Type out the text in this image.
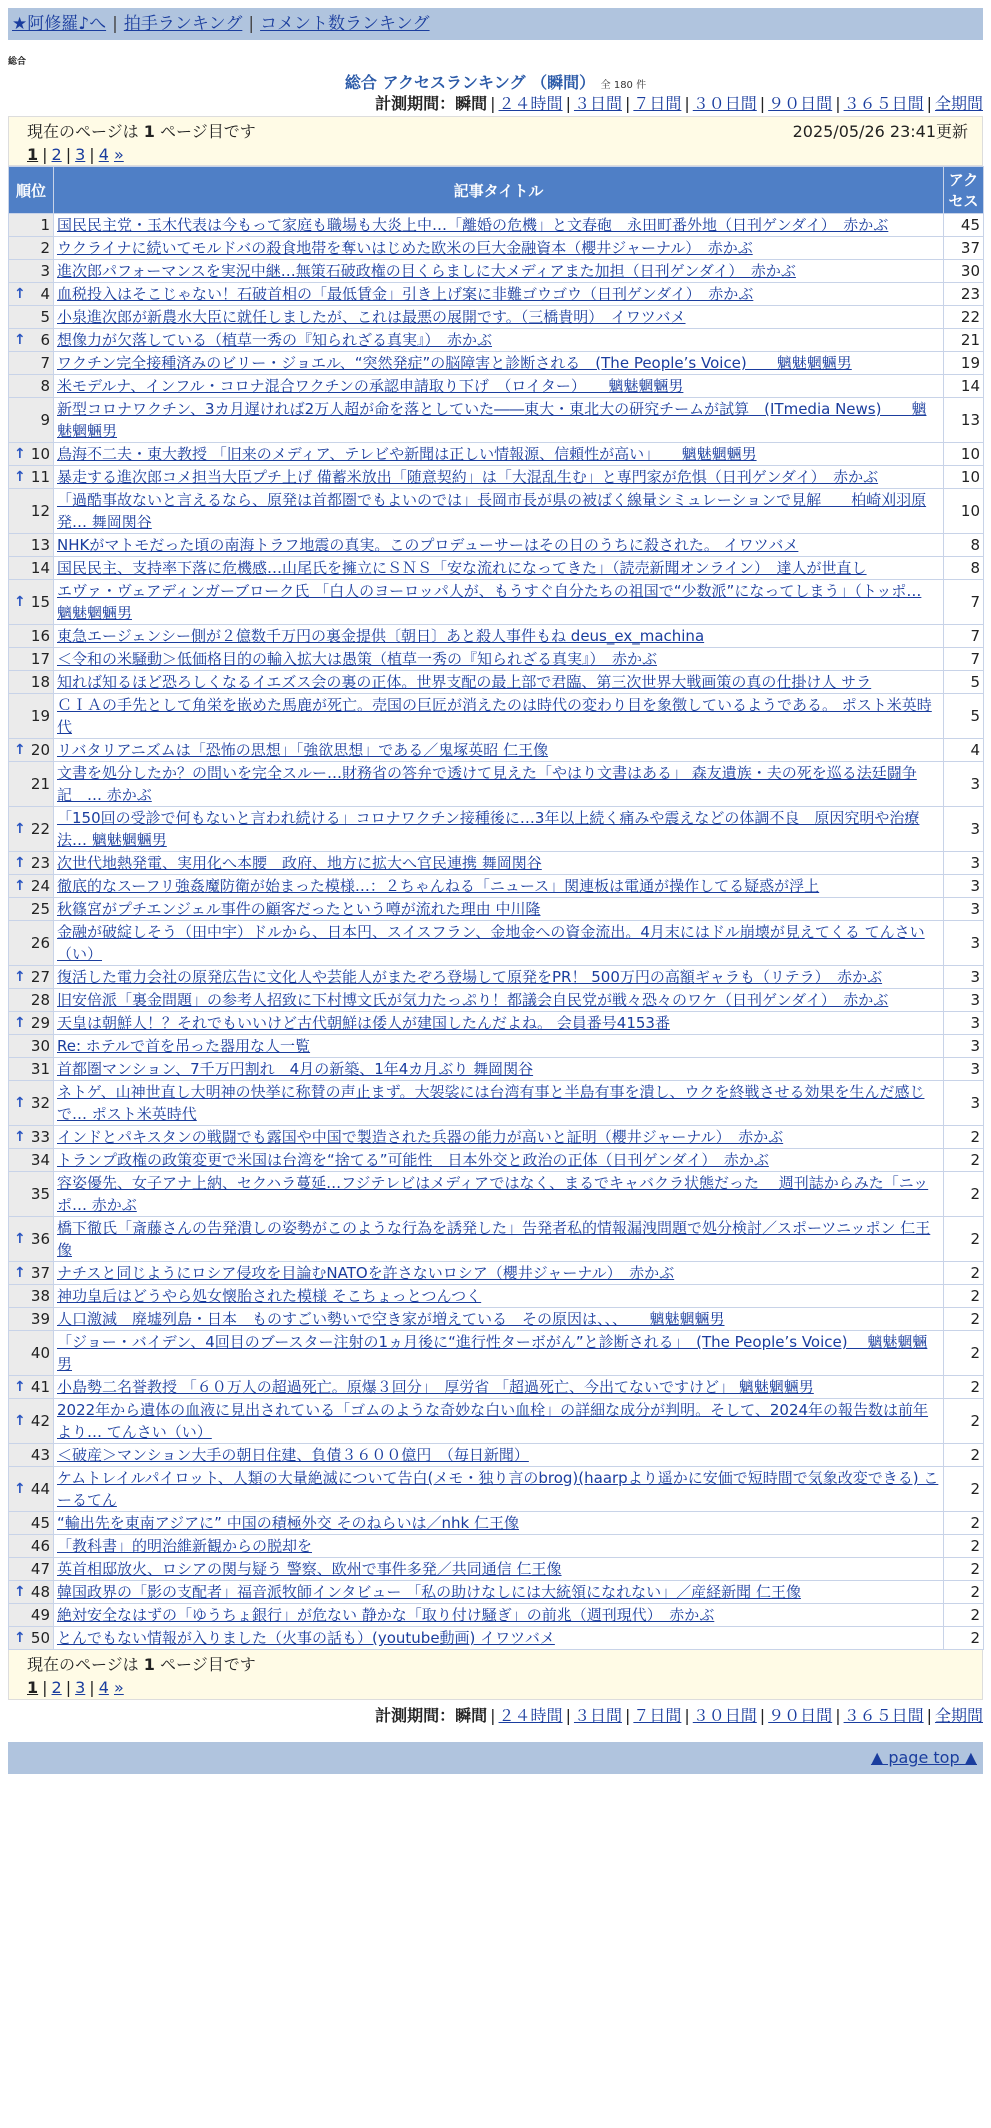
★阿修羅♪へ | 拍手ランキング | コメント数ランキング
総合
総合 アクセスランキング （瞬間） 全 180 件
計測期間：瞬間 | ２４時間 | ３日間 | ７日間 | ３０日間 | ９０日間 | ３６５日間 | 全期間
現在のページは 1 ページ目です	2025/05/26 23:41更新
1 | 2 | 3 | 4 »
順位	記事タイトル	アクセス
1	国民民主党・玉木代表は今もって家庭も職場も大炎上中…「離婚の危機」と文春砲　永田町番外地（日刊ゲンダイ）　赤かぶ	45
2	ウクライナに続いてモルドバの殺食地帯を奪いはじめた欧米の巨大金融資本（櫻井ジャーナル）　赤かぶ	37
3	進次郎パフォーマンスを実況中継…無策石破政権の目くらましに大メディアまた加担（日刊ゲンダイ）　赤かぶ	30

↑ 4	血税投入はそこじゃない！石破首相の「最低賃金」引き上げ案に非難ゴウゴウ（日刊ゲンダイ）　赤かぶ	23
5	小泉進次郎が新農水大臣に就任しましたが、これは最悪の展開です。（三橋貴明）　イワツバメ	22

↑ 6	想像力が欠落している（植草一秀の『知られざる真実』）　赤かぶ	21
7	ワクチン完全接種済みのビリー・ジョエル、“突然発症”の脳障害と診断される　(The People’s Voice)　　魑魅魍魎男	19
8	米モデルナ、インフル・コロナ混合ワクチンの承認申請取り下げ　（ロイター）　　魑魅魍魎男	14
9	新型コロナワクチン、3カ月遅ければ2万人超が命を落としていた――東大・東北大の研究チームが試算　(ITmedia News)　　魑魅魍魎男	13

↑ 10	鳥海不二夫・東大教授 「旧来のメディア、テレビや新聞は正しい情報源、信頼性が高い」　　魑魅魍魎男	10

↑ 11	暴走する進次郎コメ担当大臣プチ上げ 備蓄米放出「随意契約」は「大混乱生む」と専門家が危惧（日刊ゲンダイ）　赤かぶ	10
12	「過酷事故ないと言えるなら、原発は首都圏でもよいのでは」長岡市長が県の被ばく線量シミュレーションで見解　　柏崎刈羽原発… 舞岡関谷	10
13	NHKがマトモだった頃の南海トラフ地震の真実。このプロデューサーはその日のうちに殺された。 イワツバメ	8
14	国民民主、支持率下落に危機感…山尾氏を擁立にＳＮＳ「安な流れになってきた」（読売新聞オンライン）　達人が世直し	8

↑ 15	エヴァ・ヴェアディンガーブローク氏 「白人のヨーロッパ人が、もうすぐ自分たちの祖国で“少数派”になってしまう」（トッポ… 魑魅魍魎男	7
16	東急エージェンシー側が２億数千万円の裏金提供〔朝日〕あと殺人事件もね deus_ex_machina	7
17	＜令和の米騒動＞低価格目的の輸入拡大は愚策（植草一秀の『知られざる真実』）　赤かぶ	7
18	知れば知るほど恐ろしくなるイエズス会の裏の正体。世界支配の最上部で君臨、第三次世界大戦画策の真の仕掛け人 サラ	5
19	ＣＩＡの手先として角栄を嵌めた馬鹿が死亡。売国の巨匠が消えたのは時代の変わり目を象徴しているようである。 ポスト米英時代	5

↑ 20	リバタリアニズムは「恐怖の思想」「強欲思想」である／鬼塚英昭 仁王像	4
21	文書を処分したか？の問いを完全スルー…財務省の答弁で透けて見えた「やはり文書はある」 森友遺族・夫の死を巡る法廷闘争記　… 赤かぶ	3

↑ 22	「150回の受診で何もないと言われ続ける」コロナワクチン接種後に…3年以上続く痛みや震えなどの体調不良　原因究明や治療法… 魑魅魍魎男	3

↑ 23	次世代地熱発電、実用化へ本腰　政府、地方に拡大へ官民連携 舞岡関谷	3

↑ 24	徹底的なスーフリ強姦魔防衛が始まった模様…：２ちゃんねる「ニュース」関連板は電通が操作してる疑惑が浮上	3
25	秋篠宮がプチエンジェル事件の顧客だったという噂が流れた理由 中川隆	3
26	金融が破綻しそう（田中宇）ドルから、日本円、スイスフラン、金地金への資金流出。4月末にはドル崩壊が見えてくる てんさい（い）	3

↑ 27	復活した電力会社の原発広告に文化人や芸能人がまたぞろ登場して原発をPR！ 500万円の高額ギャラも（リテラ）　赤かぶ	3
28	旧安倍派「裏金問題」の参考人招致に下村博文氏が気力たっぷり！都議会自民党が戦々恐々のワケ（日刊ゲンダイ）　赤かぶ	3

↑ 29	天皇は朝鮮人！？それでもいいけど古代朝鮮は倭人が建国したんだよね。 会員番号4153番	3
30	Re: ホテルで首を吊った器用な人一覧	3
31	首都圏マンション、7千万円割れ　4月の新築、1年4カ月ぶり 舞岡関谷	3

↑ 32	ネトゲ、山神世直し大明神の快挙に称賛の声止まず。大袈裟には台湾有事と半島有事を潰し、ウクを終戦させる効果を生んだ感じで… ポスト米英時代	3

↑ 33	インドとパキスタンの戦闘でも露国や中国で製造された兵器の能力が高いと証明（櫻井ジャーナル）　赤かぶ	2
34	トランプ政権の政策変更で米国は台湾を“捨てる”可能性　日本外交と政治の正体（日刊ゲンダイ）　赤かぶ	2
35	容姿優先、女子アナ上納、セクハラ蔓延…フジテレビはメディアではなく、まるでキャバクラ状態だった　 週刊誌からみた「ニッポ… 赤かぶ	2

↑ 36	橋下徹氏「斎藤さんの告発潰しの姿勢がこのような行為を誘発した」告発者私的情報漏洩問題で処分検討／スポーツニッポン 仁王像	2

↑ 37	ナチスと同じようにロシア侵攻を目論むNATOを許さないロシア（櫻井ジャーナル）　赤かぶ	2
38	神功皇后はどうやら処女懐胎された模様 そこちょっとつんつく	2
39	人口激減　廃墟列島・日本　ものすごい勢いで空き家が増えている　その原因は、、、　　魑魅魍魎男	2
40	「ジョー・バイデン、4回目のブースター注射の1ヵ月後に“進行性ターボがん”と診断される」　(The People’s Voice)　 魑魅魍魎男	2

↑ 41	小島勢二名誉教授 「６０万人の超過死亡。原爆３回分」　厚労省 「超過死亡、今出てないですけど」 魑魅魍魎男	2

↑ 42	2022年から遺体の血液に見出されている「ゴムのような奇妙な白い血栓」の詳細な成分が判明。そして、2024年の報告数は前年より… てんさい（い）	2
43	＜破産＞マンション大手の朝日住建、負債３６００億円　（毎日新聞）	2

↑ 44	ケムトレイルパイロット、人類の大量絶滅について告白(メモ・独り言のbrog)(haarpより遥かに安価で短時間で気象改変できる) こーるてん	2
45	“輸出先を東南アジアに” 中国の積極外交 そのねらいは／nhk 仁王像	2
46	「教科書」的明治維新観からの脱却を	2
47	英首相邸放火、ロシアの関与疑う 警察、欧州で事件多発／共同通信 仁王像	2

↑ 48	韓国政界の「影の支配者」福音派牧師インタビュー 「私の助けなしには大統領になれない」／産経新聞 仁王像	2
49	絶対安全なはずの「ゆうちょ銀行」が危ない 静かな「取り付け騒ぎ」の前兆（週刊現代）　赤かぶ	2

↑ 50	とんでもない情報が入りました（火事の話も）(youtube動画) イワツバメ	2
現在のページは 1 ページ目です
1 | 2 | 3 | 4 »
計測期間：瞬間 | ２４時間 | ３日間 | ７日間 | ３０日間 | ９０日間 | ３６５日間 | 全期間
▲ page top ▲
